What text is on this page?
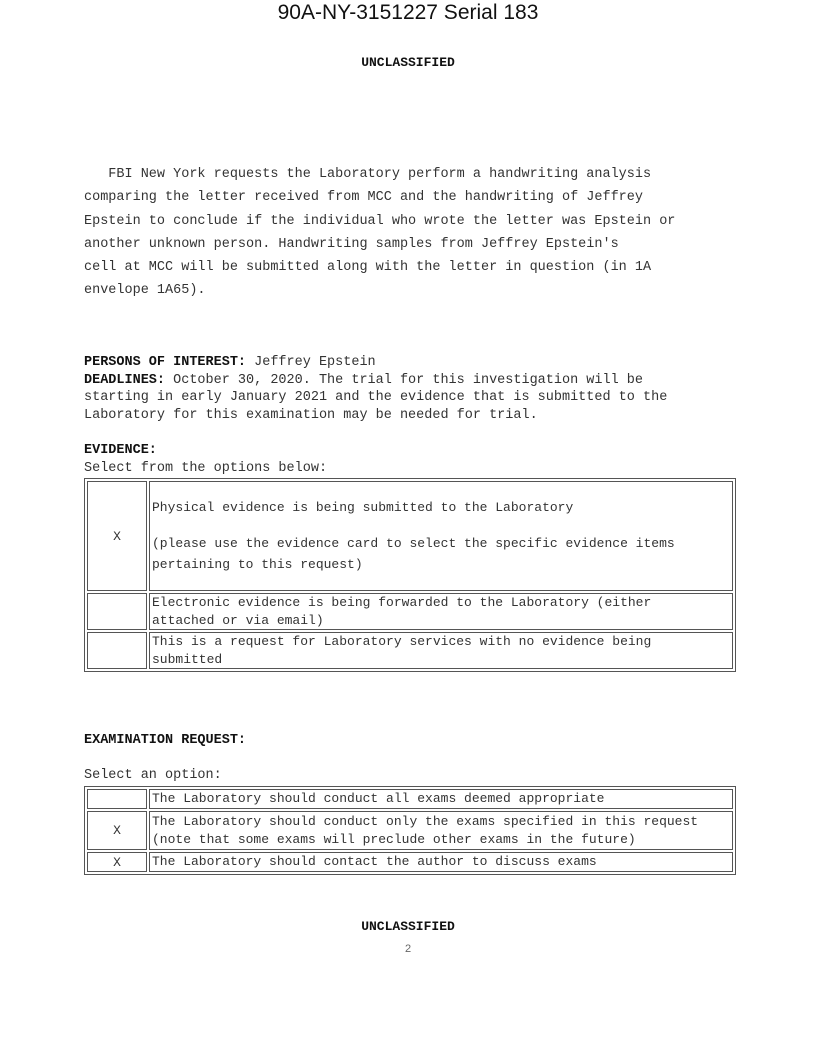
90A-NY-3151227 Serial 183
UNCLASSIFIED
FBI New York requests the Laboratory perform a handwriting analysis
comparing the letter received from MCC and the handwriting of Jeffrey
Epstein to conclude if the individual who wrote the letter was Epstein or
another unknown person. Handwriting samples from Jeffrey Epstein's
cell at MCC will be submitted along with the letter in question (in 1A
envelope 1A65).
PERSONS OF INTEREST: Jeffrey Epstein
DEADLINES: October 30, 2020. The trial for this investigation will be
starting in early January 2021 and the evidence that is submitted to the
Laboratory for this examination may be needed for trial.
EVIDENCE:
Select from the options below:
X	Physical evidence is being submitted to the Laboratory
(please use the evidence card to select the specific evidence items
pertaining to this request)

	Electronic evidence is being forwarded to the Laboratory (either
attached or via email)

	This is a request for Laboratory services with no evidence being
submitted
EXAMINATION REQUEST:
Select an option:

	The Laboratory should conduct all exams deemed appropriate

X	The Laboratory should conduct only the exams specified in this request
(note that some exams will preclude other exams in the future)

X	The Laboratory should contact the author to discuss exams
UNCLASSIFIED
2
